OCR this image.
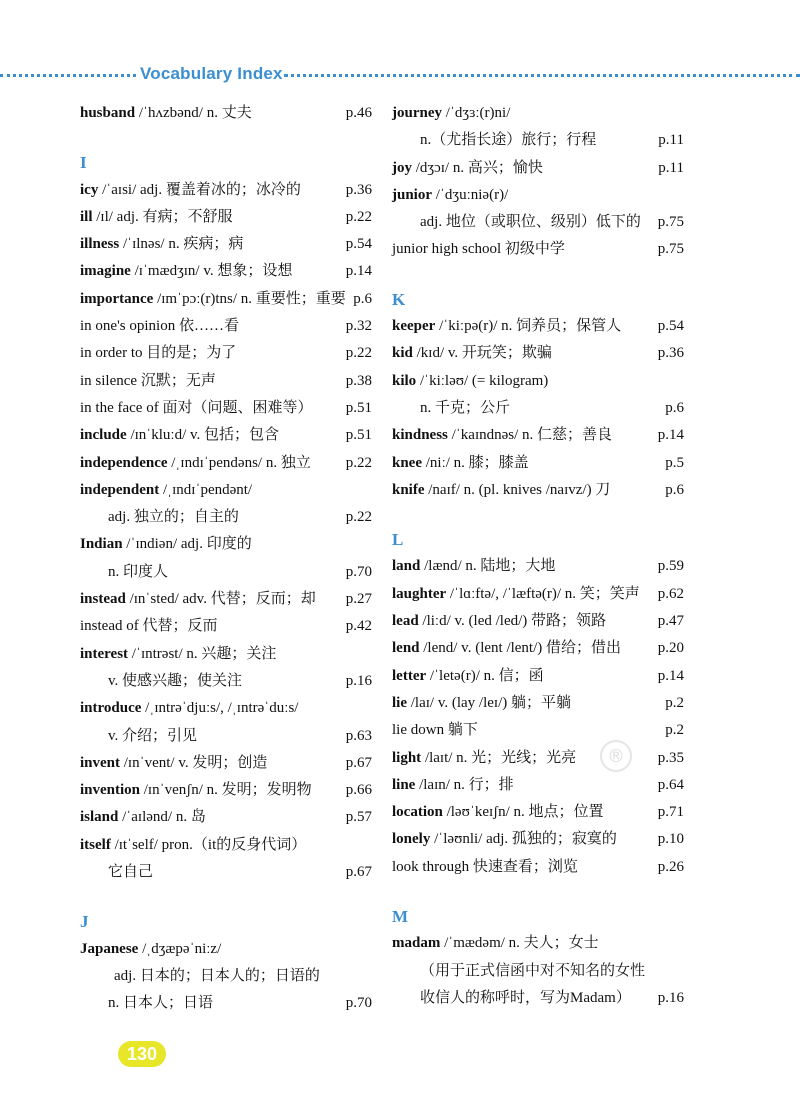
Vocabulary Index
husband /ˈhʌzbənd/ n. 丈夫	p.46
I
icy /ˈaɪsi/ adj. 覆盖着冰的；冰冷的	p.36
ill /ɪl/ adj. 有病；不舒服	p.22
illness /ˈɪlnəs/ n. 疾病；病	p.54
imagine /ɪˈmædʒɪn/ v. 想象；设想	p.14
importance /ɪmˈpɔː(r)tns/ n. 重要性；重要 p.6
in one's opinion 依……看	p.32
in order to 目的是；为了	p.22
in silence 沉默；无声	p.38
in the face of 面对（问题、困难等） p.51
include /ɪnˈkluːd/ v. 包括；包含	p.51
independence /ˌɪndɪˈpendəns/ n. 独立 p.22
independent /ˌɪndɪˈpendənt/
adj. 独立的；自主的	p.22
Indian /ˈɪndiən/ adj. 印度的
n. 印度人	p.70
instead /ɪnˈsted/ adv. 代替；反而；却 p.27
instead of 代替；反而	p.42
interest /ˈɪntrəst/ n. 兴趣；关注
v. 使感兴趣；使关注	p.16
introduce /ˌɪntrəˈdjuːs/, /ˌɪntrəˈduːs/
v. 介绍；引见	p.63
invent /ɪnˈvent/ v. 发明；创造	p.67
invention /ɪnˈvenʃn/ n. 发明；发明物 p.66
island /ˈaɪlənd/ n. 岛	p.57
itself /ɪtˈself/ pron.（it的反身代词）
它自己	p.67
J
Japanese /ˌdʒæpəˈniːz/
adj. 日本的；日本人的；日语的
n. 日本人；日语	p.70
journey /ˈdʒɜː(r)ni/
n.（尤指长途）旅行；行程	p.11
joy /dʒɔɪ/ n. 高兴；愉快	p.11
junior /ˈdʒuːniə(r)/
adj. 地位（或职位、级别）低下的 p.75
junior high school 初级中学	p.75
K
keeper /ˈkiːpə(r)/ n. 饲养员；保管人 p.54
kid /kɪd/ v. 开玩笑；欺骗	p.36
kilo /ˈkiːləʊ/ (= kilogram)
n. 千克；公斤	p.6
kindness /ˈkaɪndnəs/ n. 仁慈；善良	p.14
knee /niː/ n. 膝；膝盖	p.5
knife /naɪf/ n. (pl. knives /naɪvz/) 刀	p.6
L
land /lænd/ n. 陆地；大地	p.59
laughter /ˈlɑːftə/, /ˈlæftə(r)/ n. 笑；笑声 p.62
lead /liːd/ v. (led /led/) 带路；领路	p.47
lend /lend/ v. (lent /lent/) 借给；借出 p.20
letter /ˈletə(r)/ n. 信；函	p.14
lie /laɪ/ v. (lay /leɪ/) 躺；平躺	p.2
lie down 躺下	p.2
light /laɪt/ n. 光；光线；光亮	p.35
line /laɪn/ n. 行；排	p.64
location /ləʊˈkeɪʃn/ n. 地点；位置	p.71
lonely /ˈləʊnli/ adj. 孤独的；寂寞的	p.10
look through 快速查看；浏览	p.26
M
madam /ˈmædəm/ n. 夫人；女士
（用于正式信函中对不知名的女性
收信人的称呼时，写为Madam） p.16
®
130
